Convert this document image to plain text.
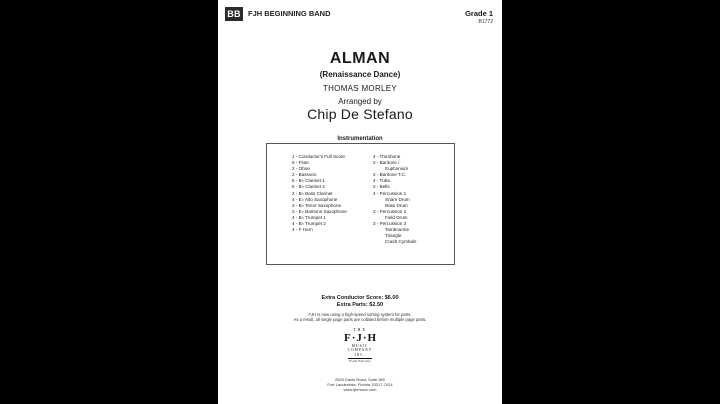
BB FJH BEGINNING BAND	Grade 1
B1772
ALMAN
(Renaissance Dance)
THOMAS MORLEY
Arranged by
Chip De Stefano
Instrumentation
1 - Conductor's Full Score
8 - Flute
2 - Oboe
2 - Bassoon
5 - B♭ Clarinet 1
5 - B♭ Clarinet 2
2 - B♭ Bass Clarinet
4 - E♭ Alto Saxophone
2 - B♭ Tenor Saxophone
2 - E♭ Baritone Saxophone
4 - B♭ Trumpet 1
4 - B♭ Trumpet 2
4 - F Horn
4 - Trombone
2 - Baritone /
Euphonium
2 - Baritone T.C.
4 - Tuba
2 - Bells
4 - Percussion 1
Snare Drum
Bass Drum
2 - Percussion 2
Field Drum
3 - Percussion 3
Tambourine
Triangle
Crash Cymbals
Extra Conductor Score: $6.00
Extra Parts: $2.50
FJH is now using a high-speed sorting system for parts.
As a result, all single page parts are collated before multiple page parts.
THE
F·J·H
MUSIC
COMPANY
INC.
Fresh Editions
2525 Davie Road, Suite 360
Fort Lauderdale, Florida 33317-7424
www.fjhmusic.com
